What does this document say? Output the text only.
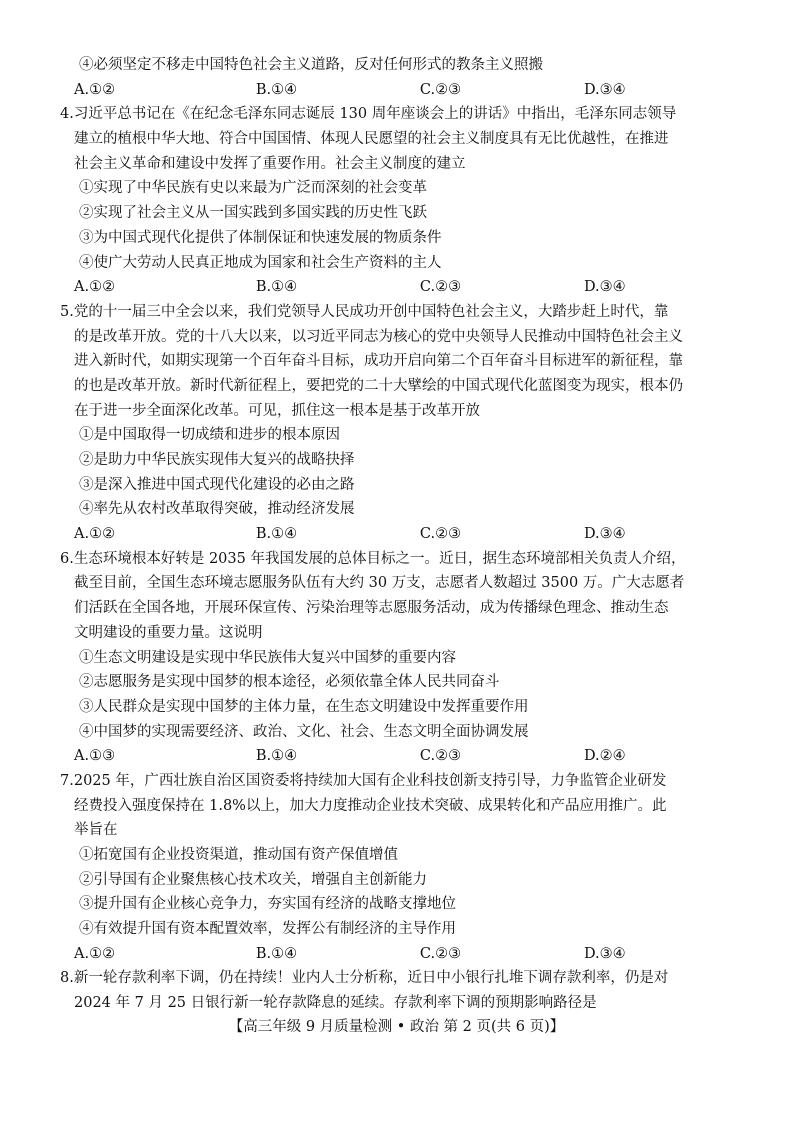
④必须坚定不移走中国特色社会主义道路，反对任何形式的教条主义照搬
A.①②	B.①④	C.②③	D.③④
4.习近平总书记在《在纪念毛泽东同志诞辰 130 周年座谈会上的讲话》中指出，毛泽东同志领导
建立的植根中华大地、符合中国国情、体现人民愿望的社会主义制度具有无比优越性，在推进
社会主义革命和建设中发挥了重要作用。社会主义制度的建立
①实现了中华民族有史以来最为广泛而深刻的社会变革
②实现了社会主义从一国实践到多国实践的历史性飞跃
③为中国式现代化提供了体制保证和快速发展的物质条件
④使广大劳动人民真正地成为国家和社会生产资料的主人
A.①②	B.①④	C.②③	D.③④
5.党的十一届三中全会以来，我们党领导人民成功开创中国特色社会主义，大踏步赶上时代，靠
的是改革开放。党的十八大以来，以习近平同志为核心的党中央领导人民推动中国特色社会主义
进入新时代，如期实现第一个百年奋斗目标，成功开启向第二个百年奋斗目标进军的新征程，靠
的也是改革开放。新时代新征程上，要把党的二十大擘绘的中国式现代化蓝图变为现实，根本仍
在于进一步全面深化改革。可见，抓住这一根本是基于改革开放
①是中国取得一切成绩和进步的根本原因
②是助力中华民族实现伟大复兴的战略抉择
③是深入推进中国式现代化建设的必由之路
④率先从农村改革取得突破，推动经济发展
A.①②	B.①④	C.②③	D.③④
6.生态环境根本好转是 2035 年我国发展的总体目标之一。近日，据生态环境部相关负责人介绍，
截至目前，全国生态环境志愿服务队伍有大约 30 万支，志愿者人数超过 3500 万。广大志愿者
们活跃在全国各地，开展环保宣传、污染治理等志愿服务活动，成为传播绿色理念、推动生态
文明建设的重要力量。这说明
①生态文明建设是实现中华民族伟大复兴中国梦的重要内容
②志愿服务是实现中国梦的根本途径，必须依靠全体人民共同奋斗
③人民群众是实现中国梦的主体力量，在生态文明建设中发挥重要作用
④中国梦的实现需要经济、政治、文化、社会、生态文明全面协调发展
A.①③	B.①④	C.②③	D.②④
7.2025 年，广西壮族自治区国资委将持续加大国有企业科技创新支持引导，力争监管企业研发
经费投入强度保持在 1.8%以上，加大力度推动企业技术突破、成果转化和产品应用推广。此
举旨在
①拓宽国有企业投资渠道，推动国有资产保值增值
②引导国有企业聚焦核心技术攻关，增强自主创新能力
③提升国有企业核心竞争力，夯实国有经济的战略支撑地位
④有效提升国有资本配置效率，发挥公有制经济的主导作用
A.①②	B.①④	C.②③	D.③④
8.新一轮存款利率下调，仍在持续！业内人士分析称，近日中小银行扎堆下调存款利率，仍是对
2024 年 7 月 25 日银行新一轮存款降息的延续。存款利率下调的预期影响路径是
【高三年级 9 月质量检测 • 政治 第 2 页(共 6 页)】
